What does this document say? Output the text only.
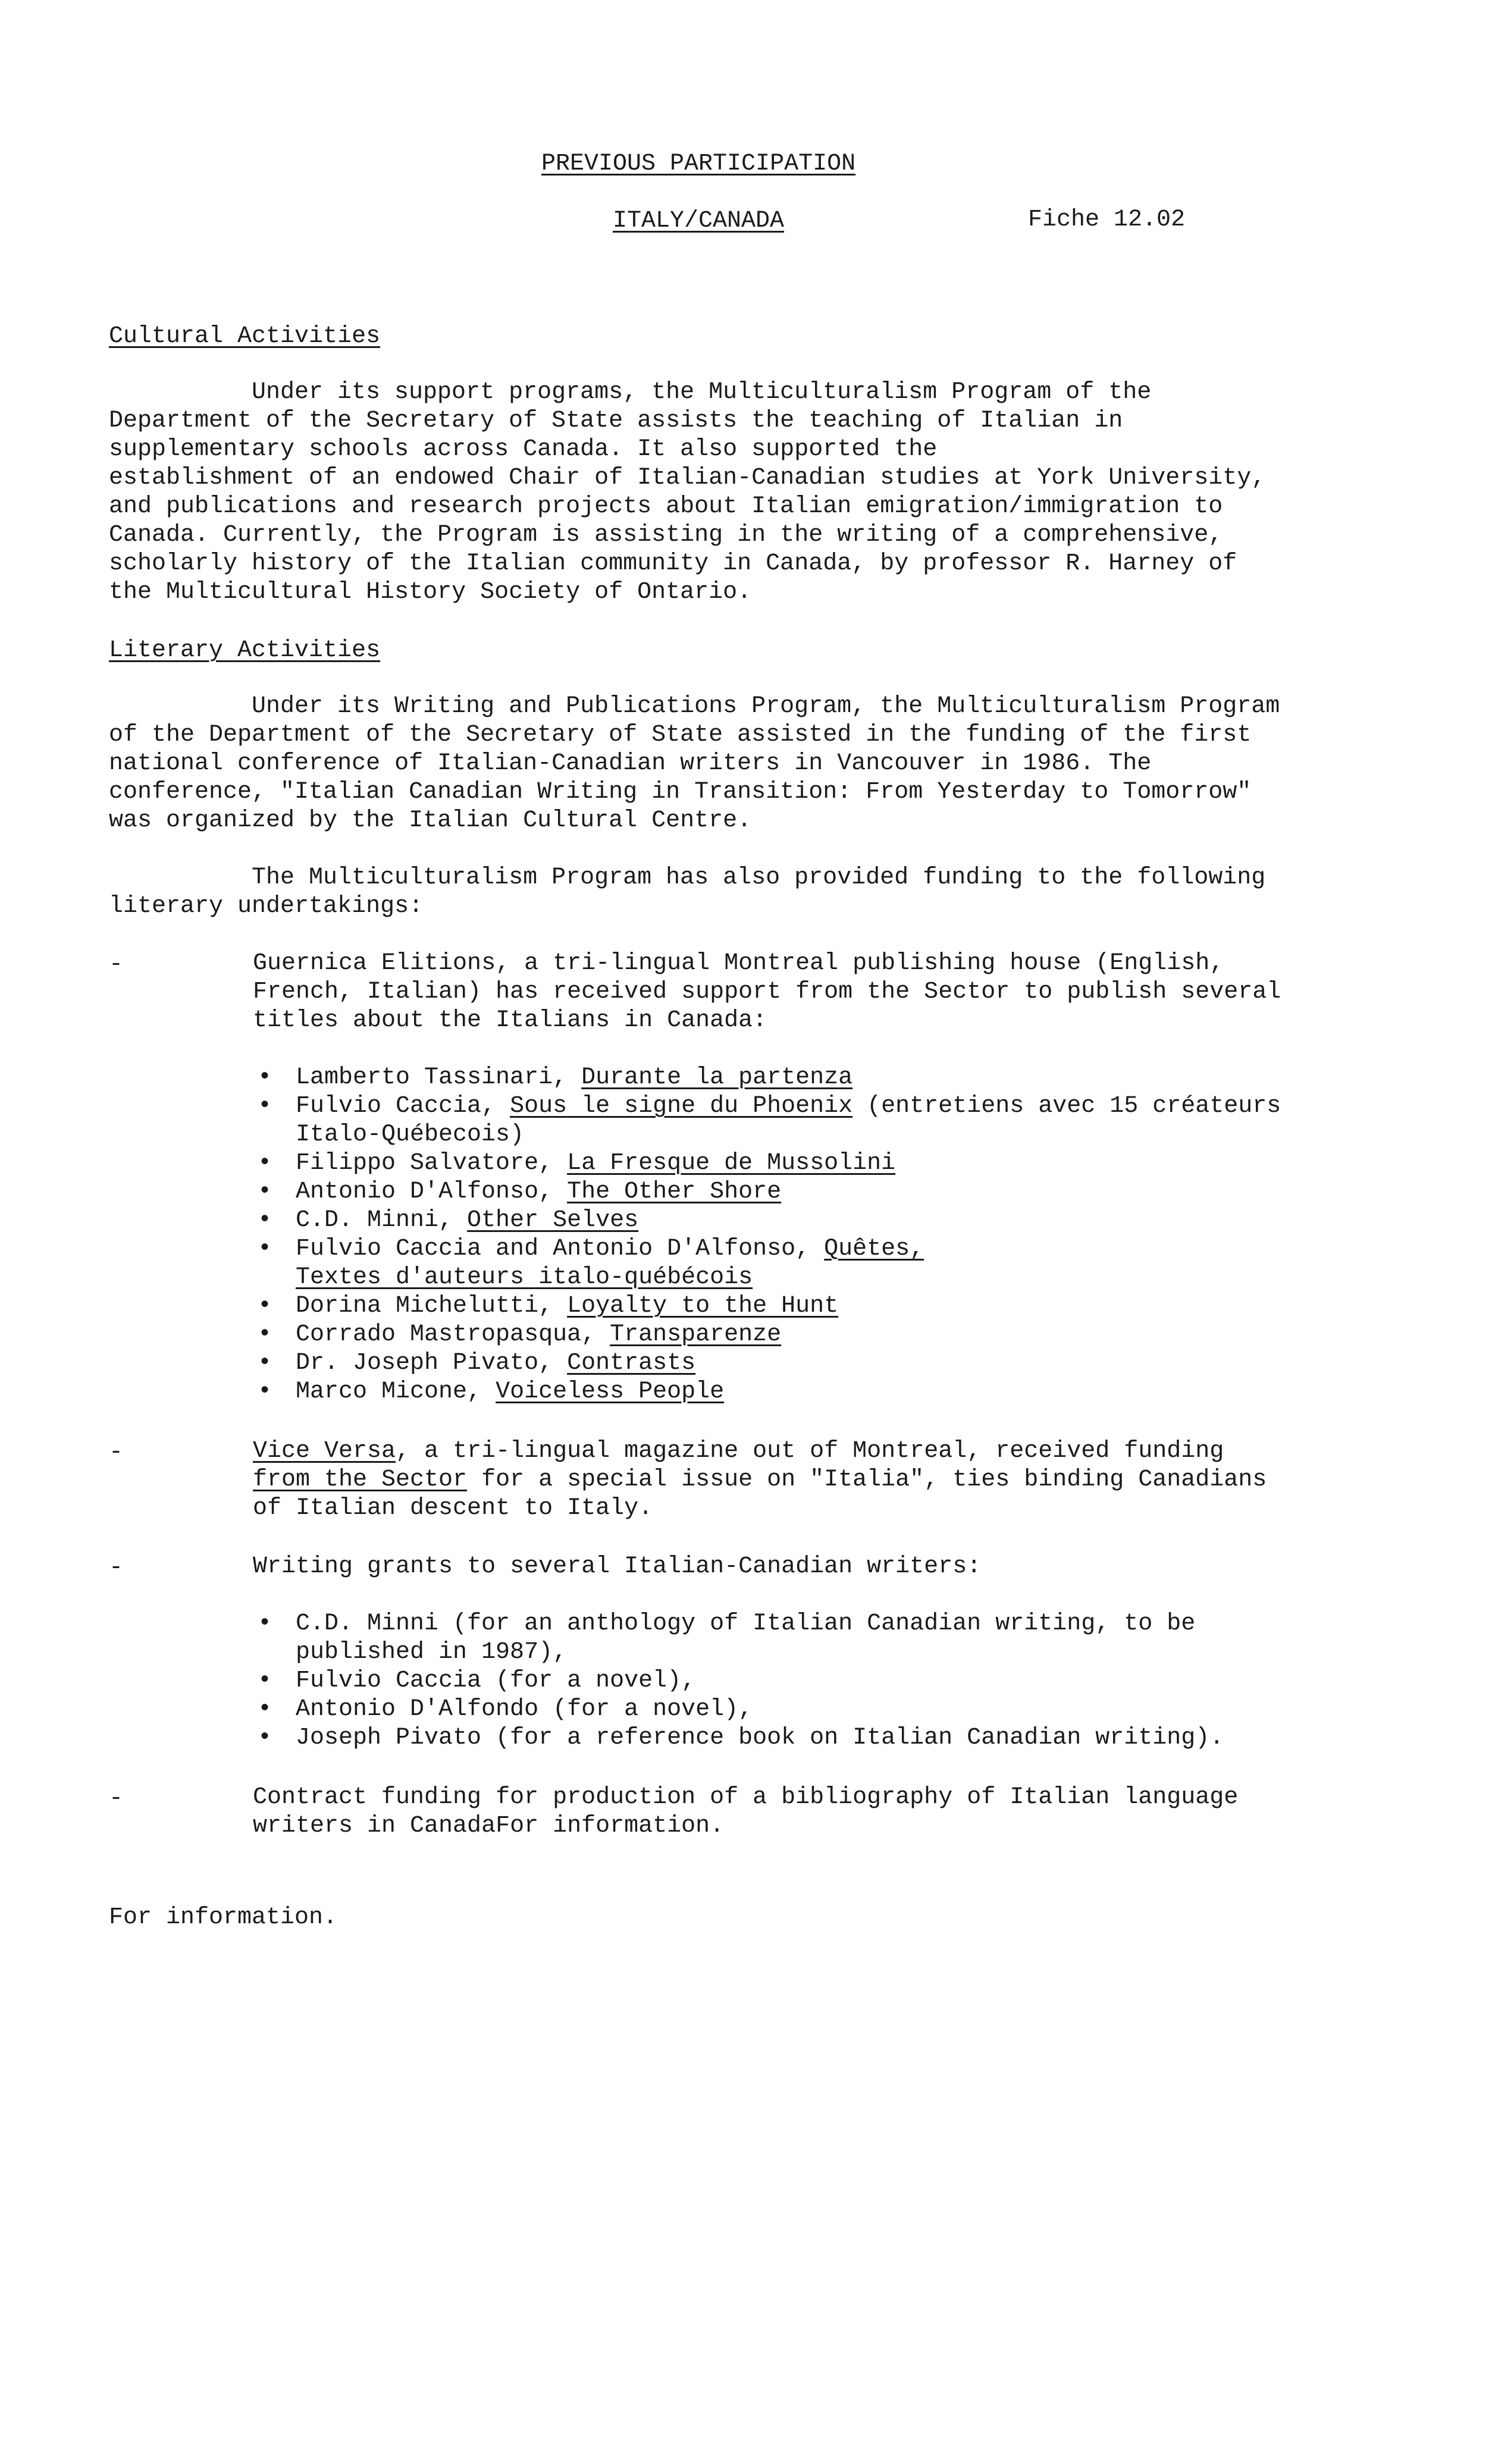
PREVIOUS PARTICIPATION
ITALY/CANADA	Fiche 12.02
Cultural Activities
Under its support programs, the Multiculturalism Program of the
Department of the Secretary of State assists the teaching of Italian in
supplementary schools across Canada. It also supported the
establishment of an endowed Chair of Italian-Canadian studies at York University,
and publications and research projects about Italian emigration/immigration to
Canada. Currently, the Program is assisting in the writing of a comprehensive,
scholarly history of the Italian community in Canada, by professor R. Harney of
the Multicultural History Society of Ontario.
Literary Activities
Under its Writing and Publications Program, the Multiculturalism Program
of the Department of the Secretary of State assisted in the funding of the first
national conference of Italian-Canadian writers in Vancouver in 1986. The
conference, "Italian Canadian Writing in Transition: From Yesterday to Tomorrow"
was organized by the Italian Cultural Centre.
The Multiculturalism Program has also provided funding to the following
literary undertakings:
-	Guernica Elitions, a tri-lingual Montreal publishing house (English,
French, Italian) has received support from the Sector to publish several
titles about the Italians in Canada:
• Lamberto Tassinari, Durante la partenza
• Fulvio Caccia, Sous le signe du Phoenix (entretiens avec 15 créateurs
Italo-Québecois)
• Filippo Salvatore, La Fresque de Mussolini
• Antonio D'Alfonso, The Other Shore
• C.D. Minni, Other Selves
• Fulvio Caccia and Antonio D'Alfonso, Quêtes,
Textes d'auteurs italo-québécois
• Dorina Michelutti, Loyalty to the Hunt
• Corrado Mastropasqua, Transparenze
• Dr. Joseph Pivato, Contrasts
• Marco Micone, Voiceless People
-	Vice Versa, a tri-lingual magazine out of Montreal, received funding
from the Sector for a special issue on "Italia", ties binding Canadians
of Italian descent to Italy.
-	Writing grants to several Italian-Canadian writers:
• C.D. Minni (for an anthology of Italian Canadian writing, to be
published in 1987),
• Fulvio Caccia (for a novel),
• Antonio D'Alfondo (for a novel),
• Joseph Pivato (for a reference book on Italian Canadian writing).
-	Contract funding for production of a bibliography of Italian language
writers in CanadaFor information.
For information.
